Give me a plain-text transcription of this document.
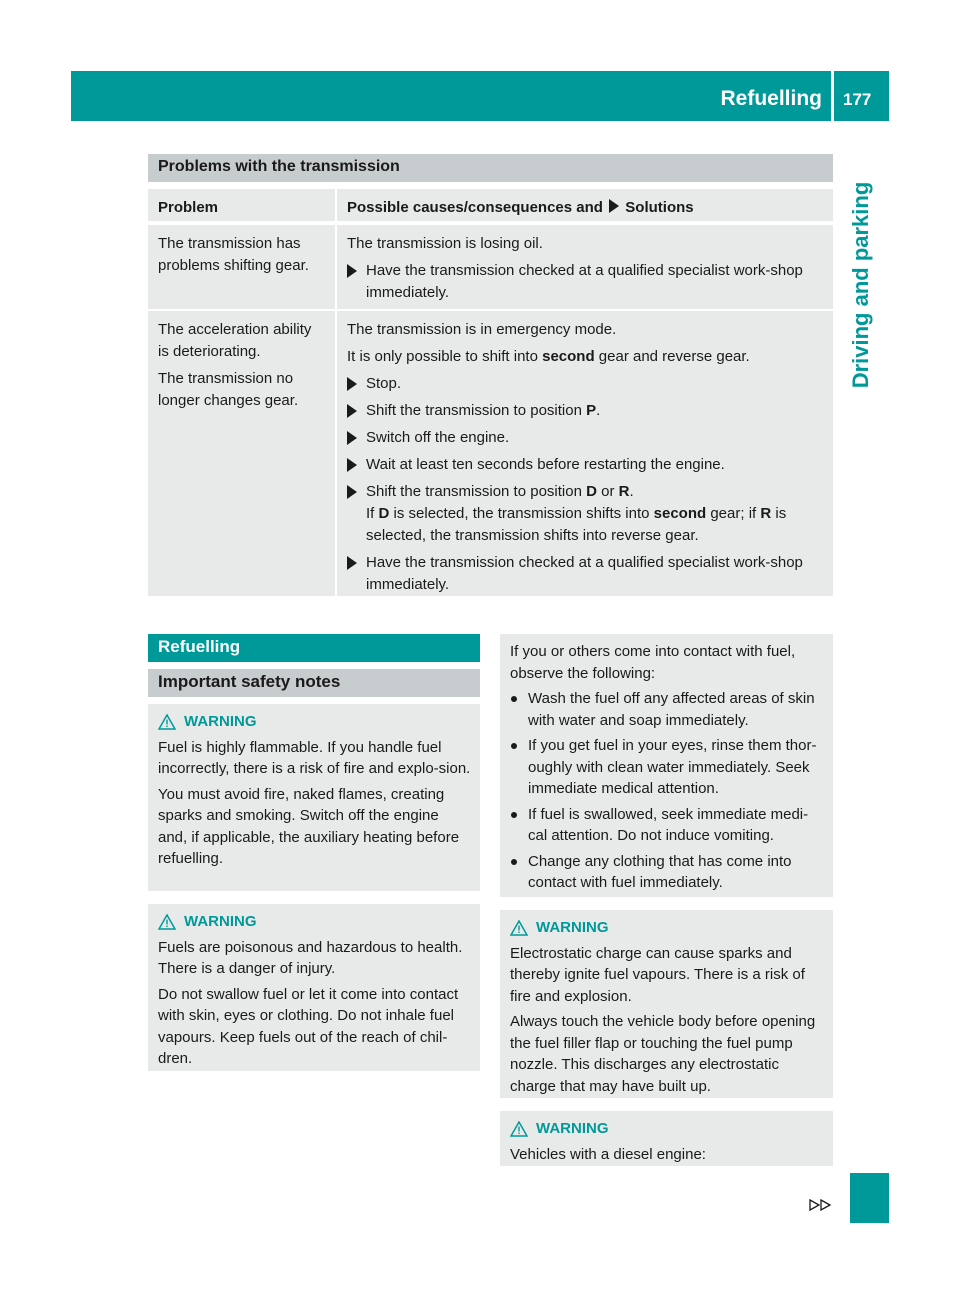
Refuelling 177
Driving and parking
Problems with the transmission
Problem	Possible causes/consequences and Solutions

The transmission has problems shifting gear.

The transmission is losing oil.

Have the transmission checked at a qualified specialist work-shop immediately.

The acceleration ability is deteriorating.

The transmission no longer changes gear.

The transmission is in emergency mode.

It is only possible to shift into second gear and reverse gear.

Stop.
Shift the transmission to position P.
Switch off the engine.
Wait at least ten seconds before restarting the engine.
Shift the transmission to position D or R.

If D is selected, the transmission shifts into second gear; if R is selected, the transmission shifts into reverse gear.

Have the transmission checked at a qualified specialist work-shop immediately.
Refuelling
Important safety notes
WARNING

Fuel is highly flammable. If you handle fuel incorrectly, there is a risk of fire and explo-sion.

You must avoid fire, naked flames, creating sparks and smoking. Switch off the engine and, if applicable, the auxiliary heating before refuelling.

WARNING

Fuels are poisonous and hazardous to health. There is a danger of injury.

Do not swallow fuel or let it come into contact with skin, eyes or clothing. Do not inhale fuel vapours. Keep fuels out of the reach of chil-dren.

If you or others come into contact with fuel, observe the following:

Wash the fuel off any affected areas of skin with water and soap immediately.
If you get fuel in your eyes, rinse them thor-oughly with clean water immediately. Seek immediate medical attention.
If fuel is swallowed, seek immediate medi-cal attention. Do not induce vomiting.
Change any clothing that has come into contact with fuel immediately.
WARNING

Electrostatic charge can cause sparks and thereby ignite fuel vapours. There is a risk of fire and explosion.

Always touch the vehicle body before opening the fuel filler flap or touching the fuel pump nozzle. This discharges any electrostatic charge that may have built up.

WARNING

Vehicles with a diesel engine:
